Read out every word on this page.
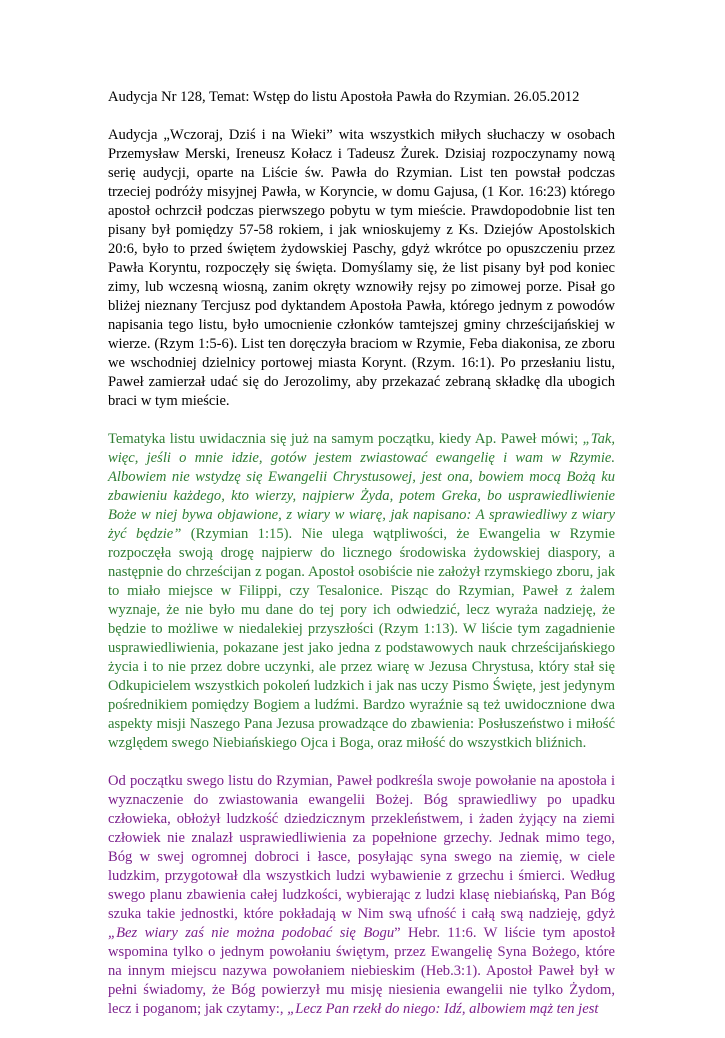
Audycja Nr 128, Temat: Wstęp do listu Apostoła Pawła do Rzymian. 26.05.2012

Audycja „Wczoraj, Dziś i na Wieki” wita wszystkich miłych słuchaczy w osobach Przemysław Merski, Ireneusz Kołacz i Tadeusz Żurek. Dzisiaj rozpoczynamy nową serię audycji, oparte na Liście św. Pawła do Rzymian. List ten powstał podczas trzeciej podróży misyjnej Pawła, w Koryncie, w domu Gajusa, (1 Kor. 16:23) którego apostoł ochrzcił podczas pierwszego pobytu w tym mieście. Prawdopodobnie list ten pisany był pomiędzy 57-58 rokiem, i jak wnioskujemy z Ks. Dziejów Apostolskich 20:6, było to przed świętem żydowskiej Paschy, gdyż wkrótce po opuszczeniu przez Pawła Koryntu, rozpoczęły się święta. Domyślamy się, że list pisany był pod koniec zimy, lub wczesną wiosną, zanim okręty wznowiły rejsy po zimowej porze. Pisał go bliżej nieznany Tercjusz pod dyktandem Apostoła Pawła, którego jednym z powodów napisania tego listu, było umocnienie członków tamtejszej gminy chrześcijańskiej w wierze. (Rzym 1:5-6). List ten doręczyła braciom w Rzymie, Feba diakonisa, ze zboru we wschodniej dzielnicy portowej miasta Korynt. (Rzym. 16:1). Po przesłaniu listu, Paweł zamierzał udać się do Jerozolimy, aby przekazać zebraną składkę dla ubogich braci w tym mieście.

Tematyka listu uwidacznia się już na samym początku, kiedy Ap. Paweł mówi; „Tak, więc, jeśli o mnie idzie, gotów jestem zwiastować ewangelię i wam w Rzymie. Albowiem nie wstydzę się Ewangelii Chrystusowej, jest ona, bowiem mocą Bożą ku zbawieniu każdego, kto wierzy, najpierw Żyda, potem Greka, bo usprawiedliwienie Boże w niej bywa objawione, z wiary w wiarę, jak napisano: A sprawiedliwy z wiary żyć będzie” (Rzymian 1:15). Nie ulega wątpliwości, że Ewangelia w Rzymie rozpoczęła swoją drogę najpierw do licznego środowiska żydowskiej diaspory, a następnie do chrześcijan z pogan. Apostoł osobiście nie założył rzymskiego zboru, jak to miało miejsce w Filippi, czy Tesalonice. Pisząc do Rzymian, Paweł z żalem wyznaje, że nie było mu dane do tej pory ich odwiedzić, lecz wyraża nadzieję, że będzie to możliwe w niedalekiej przyszłości (Rzym 1:13). W liście tym zagadnienie usprawiedliwienia, pokazane jest jako jedna z podstawowych nauk chrześcijańskiego życia i to nie przez dobre uczynki, ale przez wiarę w Jezusa Chrystusa, który stał się Odkupicielem wszystkich pokoleń ludzkich i jak nas uczy Pismo Święte, jest jedynym pośrednikiem pomiędzy Bogiem a ludźmi. Bardzo wyraźnie są też uwidocznione dwa aspekty misji Naszego Pana Jezusa prowadzące do zbawienia: Posłuszeństwo i miłość względem swego Niebiańskiego Ojca i Boga, oraz miłość do wszystkich bliźnich.

Od początku swego listu do Rzymian, Paweł podkreśla swoje powołanie na apostoła i wyznaczenie do zwiastowania ewangelii Bożej. Bóg sprawiedliwy po upadku człowieka, obłożył ludzkość dziedzicznym przekleństwem, i żaden żyjący na ziemi człowiek nie znalazł usprawiedliwienia za popełnione grzechy. Jednak mimo tego, Bóg w swej ogromnej dobroci i łasce, posyłając syna swego na ziemię, w ciele ludzkim, przygotował dla wszystkich ludzi wybawienie z grzechu i śmierci. Według swego planu zbawienia całej ludzkości, wybierając z ludzi klasę niebiańską, Pan Bóg szuka takie jednostki, które pokładają w Nim swą ufność i całą swą nadzieję, gdyż „Bez wiary zaś nie można podobać się Bogu” Hebr. 11:6. W liście tym apostoł wspomina tylko o jednym powołaniu świętym, przez Ewangelię Syna Bożego, które na innym miejscu nazywa powołaniem niebieskim (Heb.3:1). Apostoł Paweł był w pełni świadomy, że Bóg powierzył mu misję niesienia ewangelii nie tylko Żydom, lecz i poganom; jak czytamy:, „Lecz Pan rzekł do niego: Idź, albowiem mąż ten jest
